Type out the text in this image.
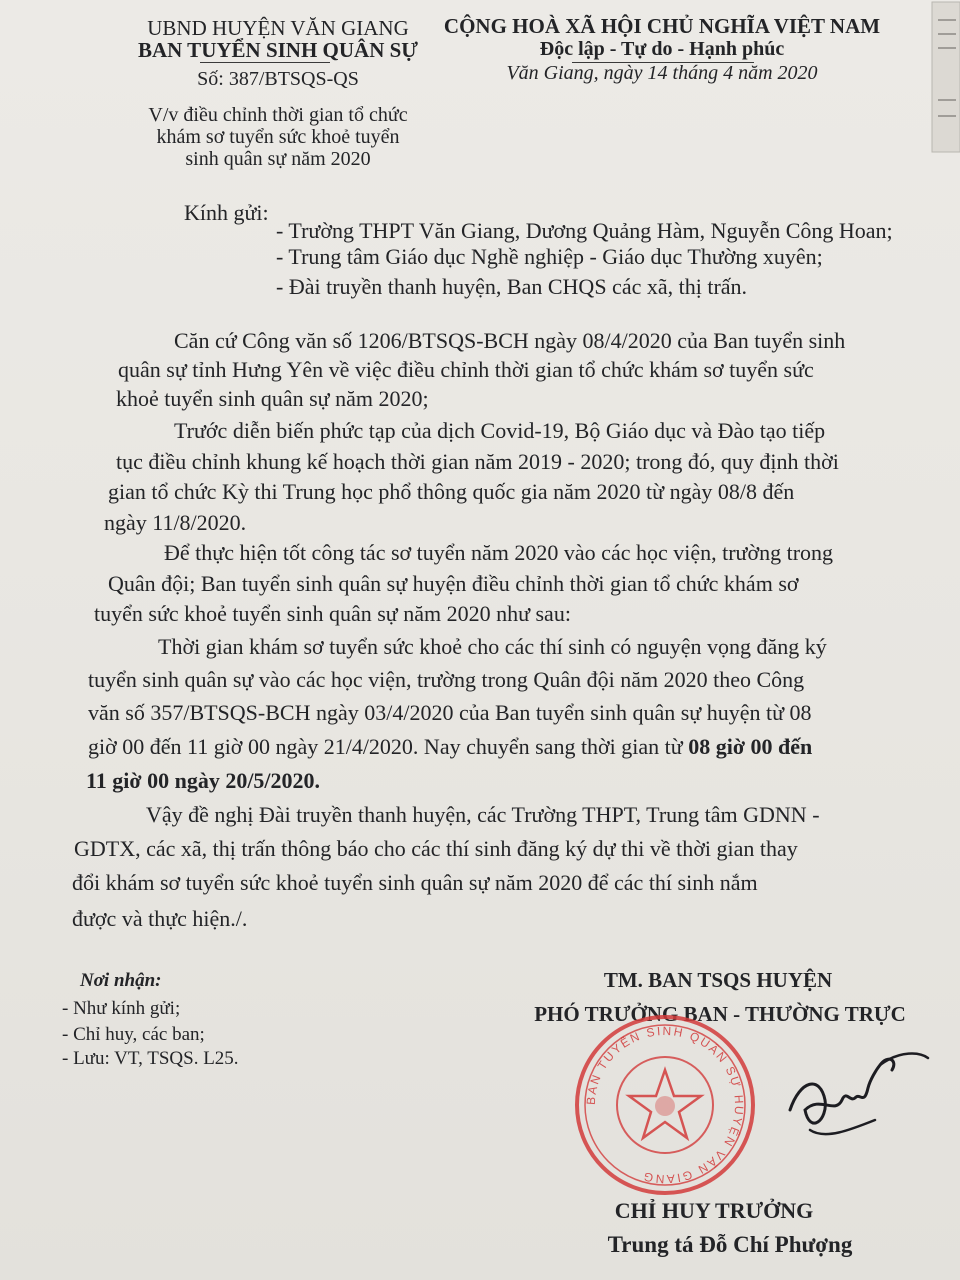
UBND HUYỆN VĂN GIANG
BAN TUYỂN SINH QUÂN SỰ
Số: 387/BTSQS-QS
V/v điều chỉnh thời gian tổ chức
khám sơ tuyển sức khoẻ tuyển
sinh quân sự năm 2020
CỘNG HOÀ XÃ HỘI CHỦ NGHĨA VIỆT NAM
Độc lập - Tự do - Hạnh phúc
Văn Giang, ngày 14 tháng 4 năm 2020
Kính gửi:
- Trường THPT Văn Giang, Dương Quảng Hàm, Nguyễn Công Hoan;
- Trung tâm Giáo dục Nghề nghiệp - Giáo dục Thường xuyên;
- Đài truyền thanh huyện, Ban CHQS các xã, thị trấn.

Căn cứ Công văn số 1206/BTSQS-BCH ngày 08/4/2020 của Ban tuyển sinh

quân sự tỉnh Hưng Yên về việc điều chỉnh thời gian tổ chức khám sơ tuyển sức

khoẻ tuyển sinh quân sự năm 2020;

Trước diễn biến phức tạp của dịch Covid-19, Bộ Giáo dục và Đào tạo tiếp

tục điều chỉnh khung kế hoạch thời gian năm 2019 - 2020; trong đó, quy định thời

gian tổ chức Kỳ thi Trung học phổ thông quốc gia năm 2020 từ ngày 08/8 đến

ngày 11/8/2020.

Để thực hiện tốt công tác sơ tuyển năm 2020 vào các học viện, trường trong

Quân đội; Ban tuyển sinh quân sự huyện điều chỉnh thời gian tổ chức khám sơ

tuyển sức khoẻ tuyển sinh quân sự năm 2020 như sau:

Thời gian khám sơ tuyển sức khoẻ cho các thí sinh có nguyện vọng đăng ký

tuyển sinh quân sự vào các học viện, trường trong Quân đội năm 2020 theo Công

văn số 357/BTSQS-BCH ngày 03/4/2020 của Ban tuyển sinh quân sự huyện từ 08

giờ 00 đến 11 giờ 00 ngày 21/4/2020. Nay chuyển sang thời gian từ 08 giờ 00 đến

11 giờ 00 ngày 20/5/2020.

Vậy đề nghị Đài truyền thanh huyện, các Trường THPT, Trung tâm GDNN -

GDTX, các xã, thị trấn thông báo cho các thí sinh đăng ký dự thi về thời gian thay

đổi khám sơ tuyển sức khoẻ tuyển sinh quân sự năm 2020 để các thí sinh nắm

được và thực hiện./.

Nơi nhận:
- Như kính gửi;
- Chỉ huy, các ban;
- Lưu: VT, TSQS. L25.
TM. BAN TSQS HUYỆN
PHÓ TRƯỞNG BAN - THƯỜNG TRỰC
BAN TUYỂN SINH QUÂN SỰ HUYỆN VĂN GIANG
CHỈ HUY TRƯỞNG
Trung tá Đỗ Chí Phượng
